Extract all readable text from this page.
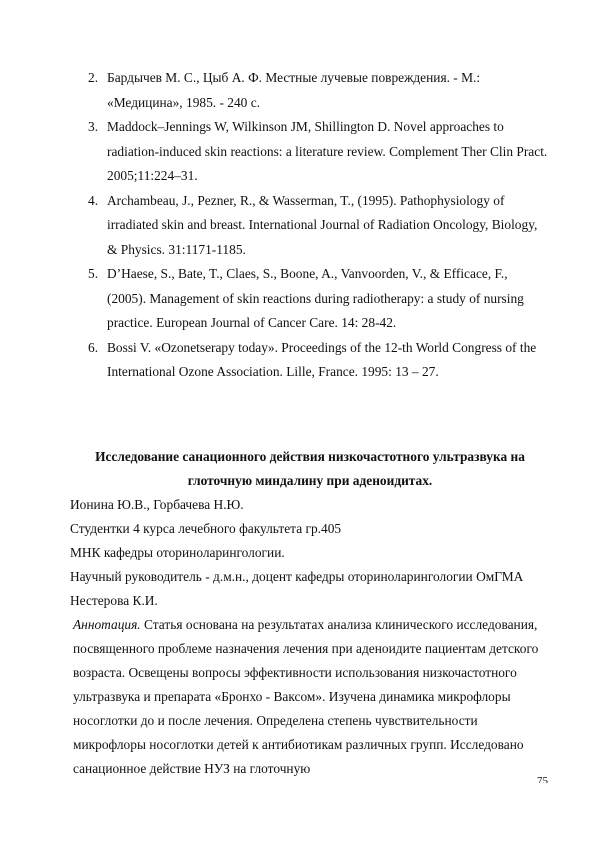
2. Бардычев М. С., Цыб А. Ф. Местные лучевые повреждения. - М.: «Медицина», 1985. - 240 с.
3. Maddock–Jennings W, Wilkinson JM, Shillington D. Novel approaches to radiation-induced skin reactions: a literature review. Complement Ther Clin Pract. 2005;11:224–31.
4. Archambeau, J., Pezner, R., & Wasserman, T., (1995). Pathophysiology of irradiated skin and breast. International Journal of Radiation Oncology, Biology, & Physics. 31:1171-1185.
5. D’Haese, S., Bate, T., Claes, S., Boone, A., Vanvoorden, V., & Efficace, F., (2005). Management of skin reactions during radiotherapy: a study of nursing practice. European Journal of Cancer Care. 14: 28-42.
6. Bossi V. «Ozonetserapy today». Proceedings of the 12-th World Congress of the International Ozone Association. Lille, France. 1995: 13 – 27.

Исследование санационного действия низкочастотного ультразвука на глоточную миндалину при аденоидитах.

Ионина Ю.В., Горбачева Н.Ю.

Студентки 4 курса лечебного факультета гр.405

МНК кафедры оториноларингологии.

Научный руководитель - д.м.н., доцент кафедры оториноларингологии ОмГМА Нестерова К.И.

Аннотация. Статья основана на результатах анализа клинического исследования, посвященного проблеме назначения лечения при аденоидите пациентам детского возраста. Освещены вопросы эффективности использования низкочастотного ультразвука и препарата «Бронхо - Ваксом». Изучена динамика микрофлоры носоглотки до и после лечения. Определена степень чувствительности микрофлоры носоглотки детей к антибиотикам различных групп. Исследовано санационное действие НУЗ на глоточную

75
